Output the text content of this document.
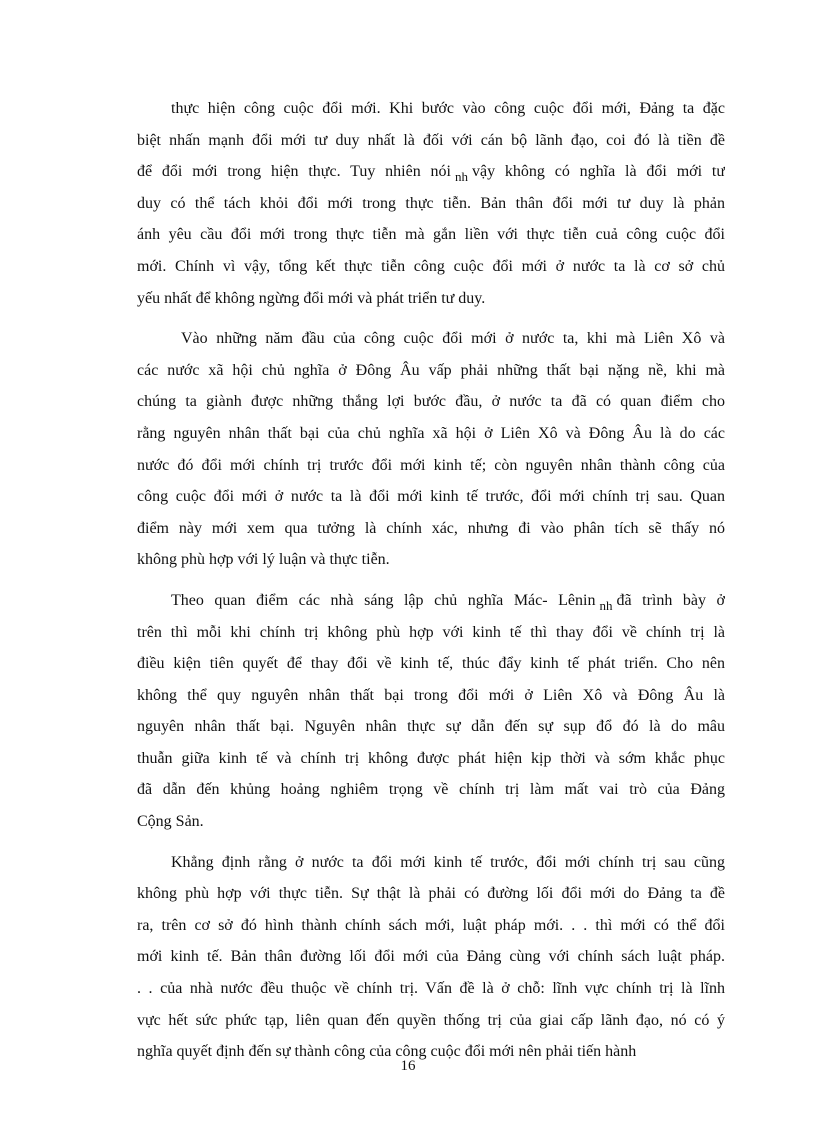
thực hiện công cuộc đổi mới. Khi bước vào công cuộc đổi mới, Đảng ta đặc
biệt nhấn mạnh đổi mới tư duy nhất là đối với cán bộ lãnh đạo, coi đó là tiền đề
để đổi mới trong hiện thực. Tuy nhiên nói $_{nh}$ vậy không có nghĩa là đổi mới tư
duy có thể tách khỏi đổi mới trong thực tiễn. Bản thân đổi mới tư duy là phản
ánh yêu cầu đổi mới trong thực tiễn mà gắn liền với thực tiễn cuả công cuộc đổi
mới. Chính vì vậy, tổng kết thực tiễn công cuộc đổi mới ở nước ta là cơ sở chủ
yếu nhất để không ngừng đổi mới và phát triển tư duy.
Vào những năm đầu của công cuộc đổi mới ở nước ta, khi mà Liên Xô và
các nước xã hội chủ nghĩa ở Đông Âu vấp phải những thất bại nặng nề, khi mà
chúng ta giành được những thắng lợi bước đầu, ở nước ta đã có quan điểm cho
rằng nguyên nhân thất bại của chủ nghĩa xã hội ở Liên Xô và Đông Âu là do các
nước đó đổi mới chính trị trước đổi mới kinh tế; còn nguyên nhân thành công của
công cuộc đổi mới ở nước ta là đổi mới kinh tế trước, đổi mới chính trị sau. Quan
điểm này mới xem qua tưởng là chính xác, nhưng đi vào phân tích sẽ thấy nó
không phù hợp với lý luận và thực tiễn.
Theo quan điểm các nhà sáng lập chủ nghĩa Mác- Lênin $_{nh}$ đã trình bày ở
trên thì mỗi khi chính trị không phù hợp với kinh tế thì thay đổi về chính trị là
điều kiện tiên quyết để thay đổi về kinh tế, thúc đẩy kinh tế phát triển. Cho nên
không thể quy nguyên nhân thất bại trong đổi mới ở Liên Xô và Đông Âu là
nguyên nhân thất bại. Nguyên nhân thực sự dẫn đến sự sụp đổ đó là do mâu
thuẫn giữa kinh tế và chính trị không được phát hiện kịp thời và sớm khắc phục
đã dẫn đến khủng hoảng nghiêm trọng về chính trị làm mất vai trò của Đảng
Cộng Sản.
Khẳng định rằng ở nước ta đổi mới kinh tế trước, đổi mới chính trị sau cũng
không phù hợp với thực tiễn. Sự thật là phải có đường lối đổi mới do Đảng ta đề
ra, trên cơ sở đó hình thành chính sách mới, luật pháp mới. . . thì mới có thể đổi
mới kinh tế. Bản thân đường lối đổi mới của Đảng cùng với chính sách luật pháp.
. . của nhà nước đều thuộc về chính trị. Vấn đề là ở chỗ: lĩnh vực chính trị là lĩnh
vực hết sức phức tạp, liên quan đến quyền thống trị của giai cấp lãnh đạo, nó có ý
nghĩa quyết định đến sự thành công của công cuộc đổi mới nên phải tiến hành
16
